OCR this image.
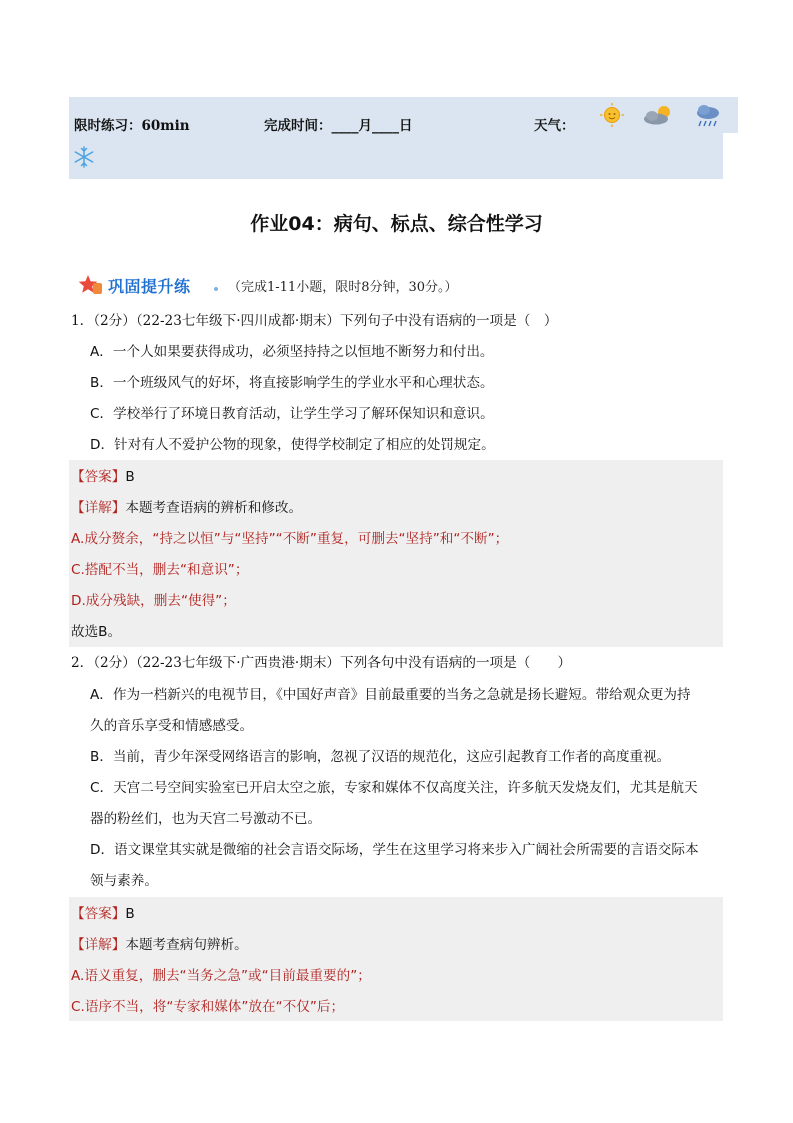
限时练习：60min	完成时间：____月____日	天气：
作业04：病句、标点、综合性学习
巩固提升练	（完成1-11小题，限时8分钟，30分。）
1．（2分）（22-23七年级下·四川成都·期末）下列句子中没有语病的一项是（　）
A．一个人如果要获得成功，必须坚持持之以恒地不断努力和付出。
B．一个班级风气的好坏，将直接影响学生的学业水平和心理状态。
C．学校举行了环境日教育活动，让学生学习了解环保知识和意识。
D．针对有人不爱护公物的现象，使得学校制定了相应的处罚规定。
【答案】B
【详解】本题考查语病的辨析和修改。
A.成分赘余，“持之以恒”与“坚持”“不断”重复，可删去“坚持”和“不断”；
C.搭配不当，删去“和意识”；
D.成分残缺，删去“使得”；
故选B。
2．（2分）（22-23七年级下·广西贵港·期末）下列各句中没有语病的一项是（　　）
A．作为一档新兴的电视节目，《中国好声音》目前最重要的当务之急就是扬长避短。带给观众更为持
久的音乐享受和情感感受。
B．当前，青少年深受网络语言的影响，忽视了汉语的规范化，这应引起教育工作者的高度重视。
C．天宫二号空间实验室已开启太空之旅，专家和媒体不仅高度关注，许多航天发烧友们，尤其是航天
器的粉丝们，也为天宫二号激动不已。
D．语文课堂其实就是微缩的社会言语交际场，学生在这里学习将来步入广阔社会所需要的言语交际本
领与素养。
【答案】B
【详解】本题考查病句辨析。
A.语义重复，删去“当务之急”或“目前最重要的”；
C.语序不当，将“专家和媒体”放在“不仅”后；
